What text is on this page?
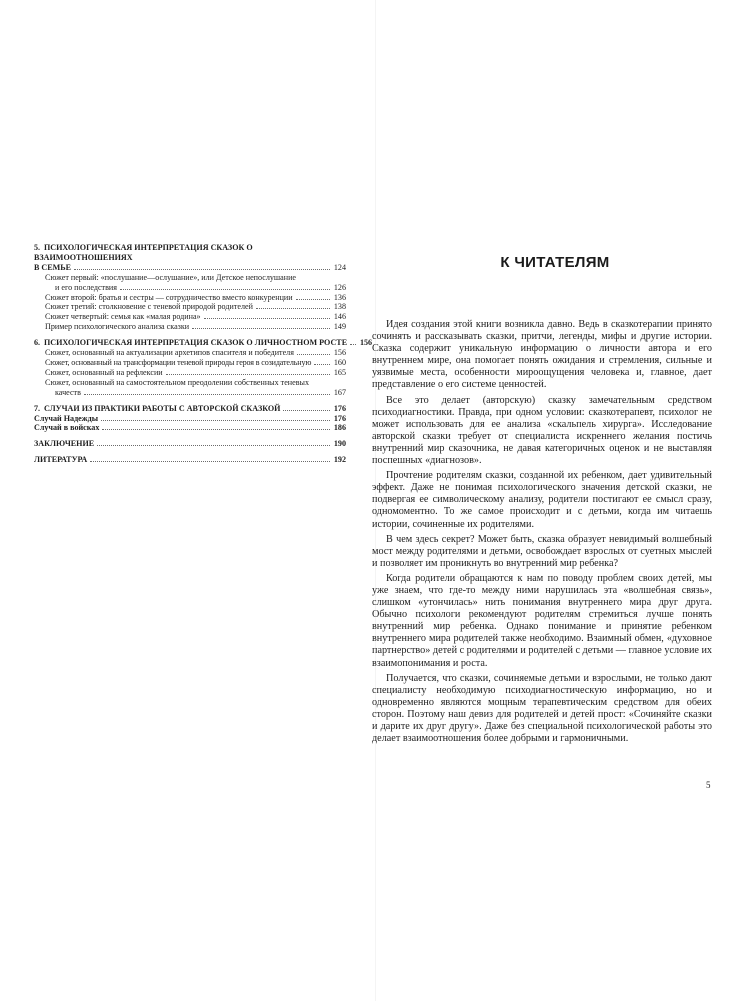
5. ПСИХОЛОГИЧЕСКАЯ ИНТЕРПРЕТАЦИЯ СКАЗОК О ВЗАИМООТНОШЕНИЯХ
В СЕМЬЕ	124
Сюжет первый: «послушание—ослушание», или Детское непослушание
и его последствия	126
Сюжет второй: братья и сестры — сотрудничество вместо конкуренции	136
Сюжет третий: столкновение с теневой природой родителей	138
Сюжет четвертый: семья как «малая родина»	146
Пример психологического анализа сказки	149
6. ПСИХОЛОГИЧЕСКАЯ ИНТЕРПРЕТАЦИЯ СКАЗОК О ЛИЧНОСТНОМ РОСТЕ 156
Сюжет, основанный на актуализации архетипов спасителя и победителя	156
Сюжет, основанный на трансформации теневой природы героя в созидательную	160
Сюжет, основанный на рефлексии	165
Сюжет, основанный на самостоятельном преодолении собственных теневых
качеств	167
7. СЛУЧАИ ИЗ ПРАКТИКИ РАБОТЫ С АВТОРСКОЙ СКАЗКОЙ	176
Случай Надежды	176
Случай в войсках	186
ЗАКЛЮЧЕНИЕ	190
ЛИТЕРАТУРА	192
К ЧИТАТЕЛЯМ

Идея создания этой книги возникла давно. Ведь в сказкотерапии принято сочинять и рассказывать сказки, притчи, легенды, мифы и другие истории. Сказка содержит уникальную информацию о личности автора и его внутреннем мире, она помогает понять ожидания и стремления, сильные и уязвимые места, особенности мироощущения человека и, главное, дает представление о его системе ценностей.

Все это делает (авторскую) сказку замечательным средством психодиагностики. Правда, при одном условии: сказкотерапевт, психолог не может использовать для ее анализа «скальпель хирурга». Исследование авторской сказки требует от специалиста искреннего желания постичь внутренний мир сказочника, не давая категоричных оценок и не выставляя поспешных «диагнозов».

Прочтение родителям сказки, созданной их ребенком, дает удивительный эффект. Даже не понимая психологического значения детской сказки, не подвергая ее символическому анализу, родители постигают ее смысл сразу, одномоментно. То же самое происходит и с детьми, когда им читаешь истории, сочиненные их родителями.

В чем здесь секрет? Может быть, сказка образует невидимый волшебный мост между родителями и детьми, освобождает взрослых от суетных мыслей и позволяет им проникнуть во внутренний мир ребенка?

Когда родители обращаются к нам по поводу проблем своих детей, мы уже знаем, что где-то между ними нарушилась эта «волшебная связь», слишком «утончилась» нить понимания внутреннего мира друг друга. Обычно психологи рекомендуют родителям стремиться лучше понять внутренний мир ребенка. Однако понимание и принятие ребенком внутреннего мира родителей также необходимо. Взаимный обмен, «духовное партнерство» детей с родителями и родителей с детьми — главное условие их взаимопонимания и роста.

Получается, что сказки, сочиняемые детьми и взрослыми, не только дают специалисту необходимую психодиагностическую информацию, но и одновременно являются мощным терапевтическим средством для обеих сторон. Поэтому наш девиз для родителей и детей прост: «Сочиняйте сказки и дарите их друг другу». Даже без специальной психологической работы это делает взаимоотношения более добрыми и гармоничными.

5
